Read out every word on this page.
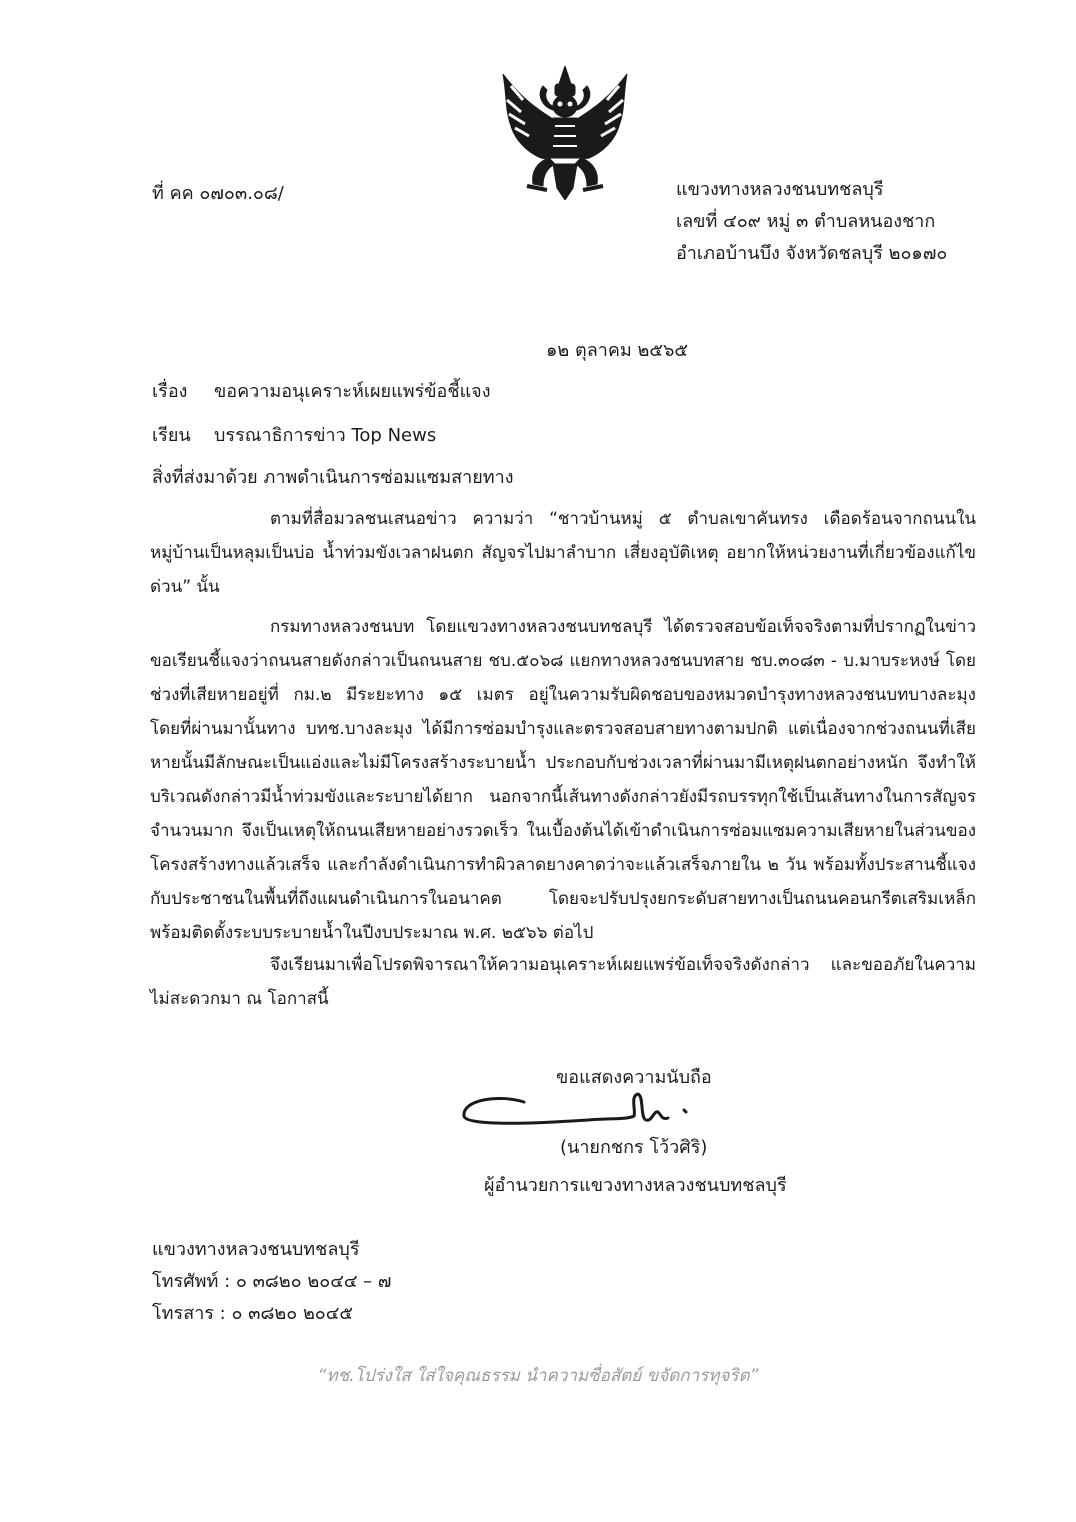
ที่ คค ๐๗๐๓.๐๘/	แขวงทางหลวงชนบทชลบุรี
เลขที่ ๔๐๙ หมู่ ๓ ตำบลหนองชาก
อำเภอบ้านบึง จังหวัดชลบุรี ๒๐๑๗๐
๑๒ ตุลาคม ๒๕๖๕
เรื่อง ขอความอนุเคราะห์เผยแพร่ข้อชี้แจง
เรียน บรรณาธิการข่าว Top News
สิ่งที่ส่งมาด้วย ภาพดำเนินการซ่อมแซมสายทาง

ตามที่สื่อมวลชนเสนอข่าว ความว่า “ชาวบ้านหมู่ ๕ ตำบลเขาคันทรง เดือดร้อนจากถนนในหมู่บ้านเป็นหลุมเป็นบ่อ น้ำท่วมขังเวลาฝนตก สัญจรไปมาลำบาก เสี่ยงอุบัติเหตุ อยากให้หน่วยงานที่เกี่ยวข้องแก้ไขด่วน” นั้น

กรมทางหลวงชนบท โดยแขวงทางหลวงชนบทชลบุรี ได้ตรวจสอบข้อเท็จจริงตามที่ปรากฏในข่าว ขอเรียนชี้แจงว่าถนนสายดังกล่าวเป็นถนนสาย ชบ.๕๐๖๘ แยกทางหลวงชนบทสาย ชบ.๓๐๘๓ - บ.มาบระหงษ์ โดยช่วงที่เสียหายอยู่ที่ กม.๒ มีระยะทาง ๑๕ เมตร อยู่ในความรับผิดชอบของหมวดบำรุงทางหลวงชนบทบางละมุง โดยที่ผ่านมานั้นทาง บทช.บางละมุง ได้มีการซ่อมบำรุงและตรวจสอบสายทางตามปกติ แต่เนื่องจากช่วงถนนที่เสียหายนั้นมีลักษณะเป็นแอ่งและไม่มีโครงสร้างระบายน้ำ ประกอบกับช่วงเวลาที่ผ่านมามีเหตุฝนตกอย่างหนัก จึงทำให้บริเวณดังกล่าวมีน้ำท่วมขังและระบายได้ยาก นอกจากนี้เส้นทางดังกล่าวยังมีรถบรรทุกใช้เป็นเส้นทางในการสัญจรจำนวนมาก จึงเป็นเหตุให้ถนนเสียหายอย่างรวดเร็ว ในเบื้องต้นได้เข้าดำเนินการซ่อมแซมความเสียหายในส่วนของโครงสร้างทางแล้วเสร็จ และกำลังดำเนินการทำผิวลาดยางคาดว่าจะแล้วเสร็จภายใน ๒ วัน พร้อมทั้งประสานชี้แจงกับประชาชนในพื้นที่ถึงแผนดำเนินการในอนาคต โดยจะปรับปรุงยกระดับสายทางเป็นถนนคอนกรีตเสริมเหล็กพร้อมติดตั้งระบบระบายน้ำในปีงบประมาณ พ.ศ. ๒๕๖๖ ต่อไป

จึงเรียนมาเพื่อโปรดพิจารณาให้ความอนุเคราะห์เผยแพร่ข้อเท็จจริงดังกล่าว และขออภัยในความไม่สะดวกมา ณ โอกาสนี้

ขอแสดงความนับถือ
(นายกชกร โว้วศิริ)
ผู้อำนวยการแขวงทางหลวงชนบทชลบุรี
แขวงทางหลวงชนบทชลบุรี
โทรศัพท์ : ๐ ๓๘๒๐ ๒๐๔๔ – ๗
โทรสาร : ๐ ๓๘๒๐ ๒๐๔๕
“ทช.โปร่งใส ใส่ใจคุณธรรม นำความซื่อสัตย์ ขจัดการทุจริต”
